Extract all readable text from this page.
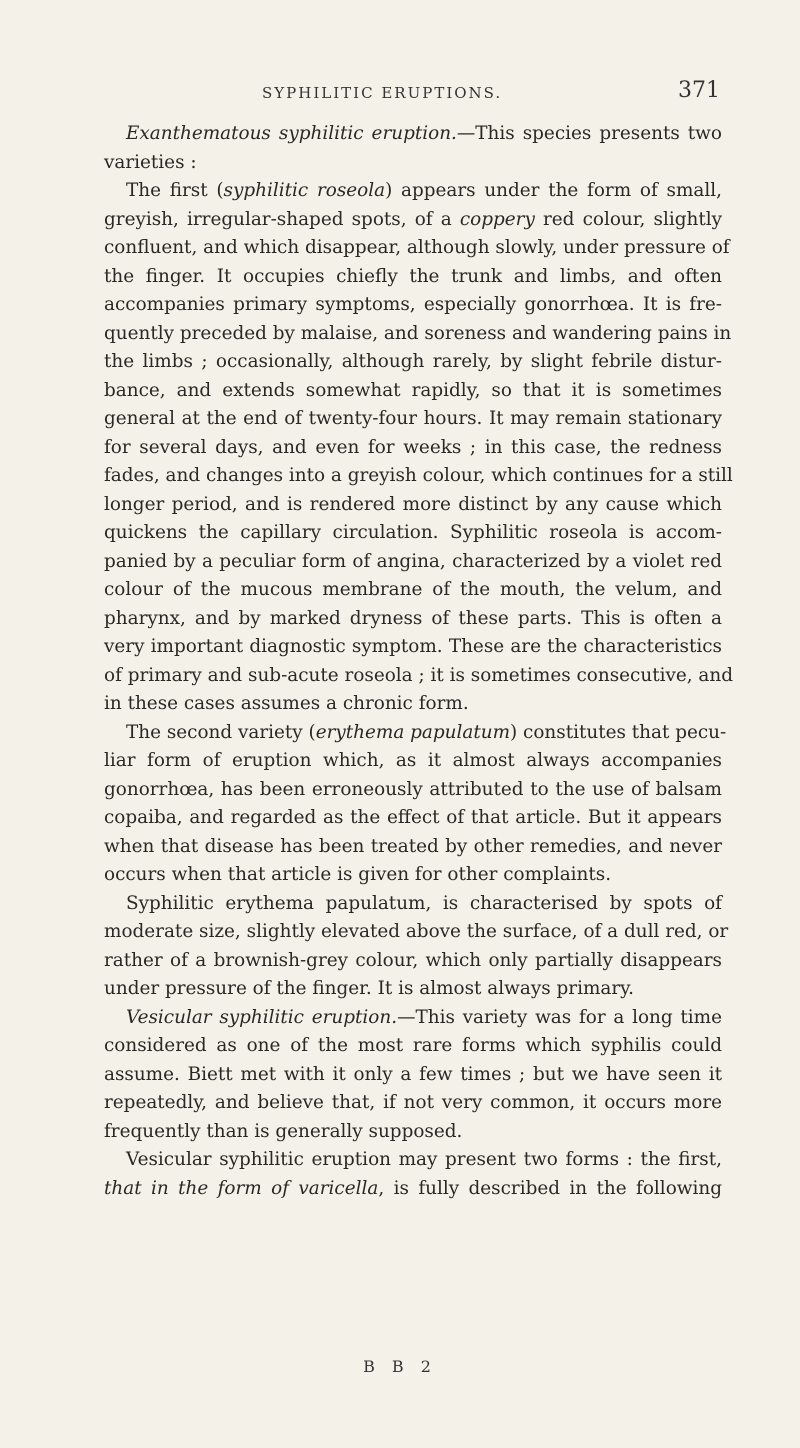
SYPHILITIC ERUPTIONS.	371
Exanthematous syphilitic eruption.—This species presents two
varieties :
The first (syphilitic roseola) appears under the form of small,
greyish, irregular-shaped spots, of a coppery red colour, slightly
confluent, and which disappear, although slowly, under pressure of
the finger. It occupies chiefly the trunk and limbs, and often
accompanies primary symptoms, especially gonorrhœa. It is fre-
quently preceded by malaise, and soreness and wandering pains in
the limbs ; occasionally, although rarely, by slight febrile distur-
bance, and extends somewhat rapidly, so that it is sometimes
general at the end of twenty-four hours. It may remain stationary
for several days, and even for weeks ; in this case, the redness
fades, and changes into a greyish colour, which continues for a still
longer period, and is rendered more distinct by any cause which
quickens the capillary circulation. Syphilitic roseola is accom-
panied by a peculiar form of angina, characterized by a violet red
colour of the mucous membrane of the mouth, the velum, and
pharynx, and by marked dryness of these parts. This is often a
very important diagnostic symptom. These are the characteristics
of primary and sub-acute roseola ; it is sometimes consecutive, and
in these cases assumes a chronic form.
The second variety (erythema papulatum) constitutes that pecu-
liar form of eruption which, as it almost always accompanies
gonorrhœa, has been erroneously attributed to the use of balsam
copaiba, and regarded as the effect of that article. But it appears
when that disease has been treated by other remedies, and never
occurs when that article is given for other complaints.
Syphilitic erythema papulatum, is characterised by spots of
moderate size, slightly elevated above the surface, of a dull red, or
rather of a brownish-grey colour, which only partially disappears
under pressure of the finger. It is almost always primary.
Vesicular syphilitic eruption.—This variety was for a long time
considered as one of the most rare forms which syphilis could
assume. Biett met with it only a few times ; but we have seen it
repeatedly, and believe that, if not very common, it occurs more
frequently than is generally supposed.
Vesicular syphilitic eruption may present two forms : the first,
that in the form of varicella, is fully described in the following
B B 2
